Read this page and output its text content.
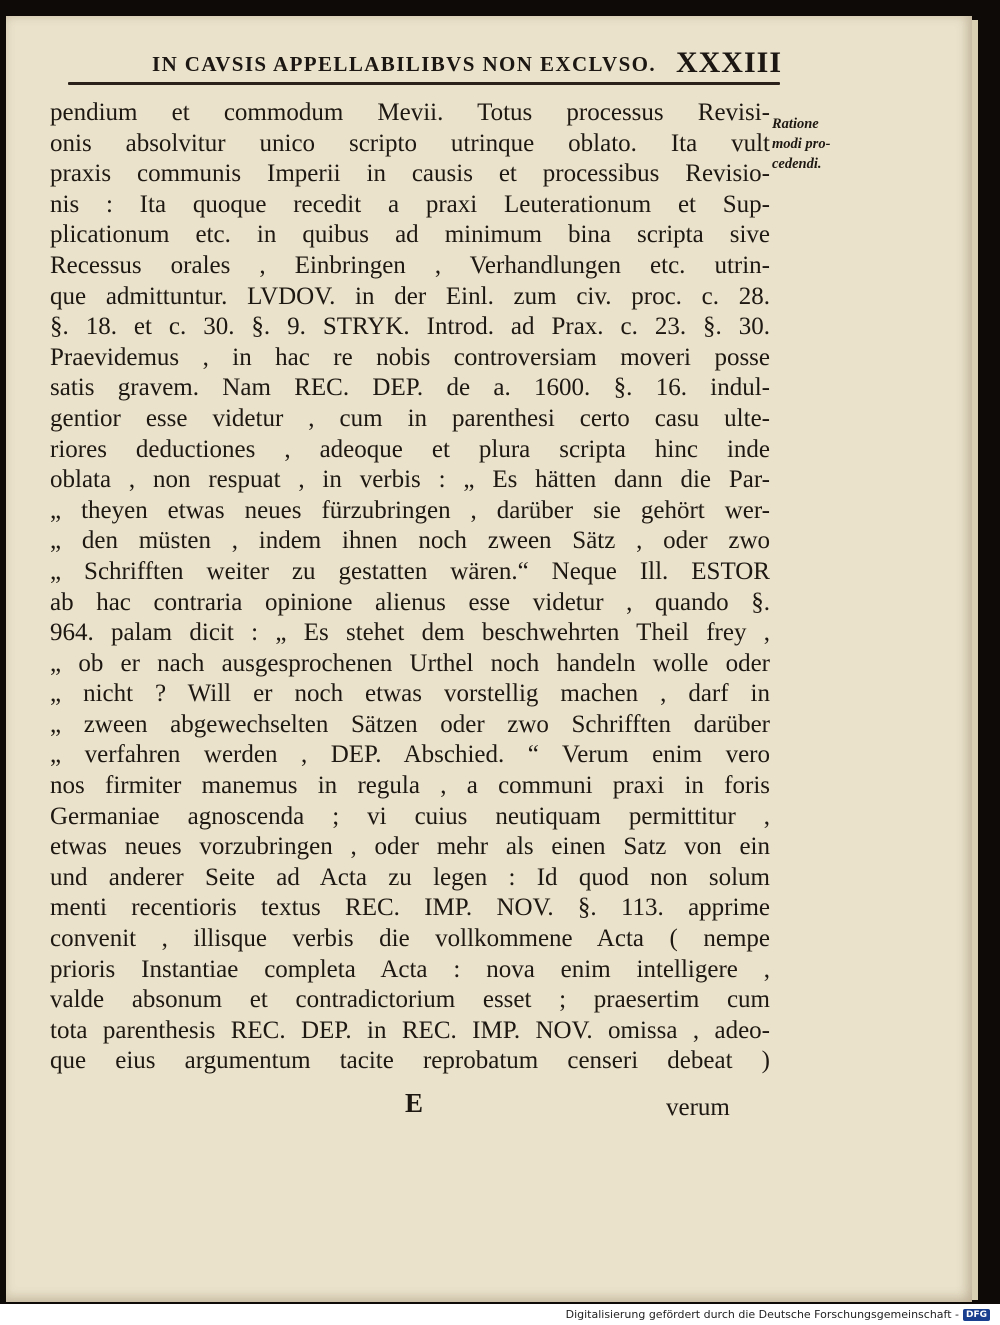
IN CAVSIS APPELLABILIBVS NON EXCLVSO. XXXIII
pendium et commodum Mevii. Totus processus Revisi-
onis absolvitur unico scripto utrinque oblato. Ita vult
praxis communis Imperii in causis et processibus Revisio-
nis : Ita quoque recedit a praxi Leuterationum et Sup-
plicationum etc. in quibus ad minimum bina scripta sive
Recessus orales , Einbringen , Verhandlungen etc. utrin-
que admittuntur. LVDOV. in der Einl. zum civ. proc. c. 28.
§. 18. et c. 30. §. 9. STRYK. Introd. ad Prax. c. 23. §. 30.
Praevidemus , in hac re nobis controversiam moveri posse
satis gravem. Nam REC. DEP. de a. 1600. §. 16. indul-
gentior esse videtur , cum in parenthesi certo casu ulte-
riores deductiones , adeoque et plura scripta hinc inde
oblata , non respuat , in verbis : „ Es hätten dann die Par-
„ theyen etwas neues fürzubringen , darüber sie gehört wer-
„ den müsten , indem ihnen noch zween Sätz , oder zwo
„ Schrifften weiter zu gestatten wären.“ Neque Ill. ESTOR
ab hac contraria opinione alienus esse videtur , quando §.
964. palam dicit : „ Es stehet dem beschwehrten Theil frey ,
„ ob er nach ausgesprochenen Urthel noch handeln wolle oder
„ nicht ? Will er noch etwas vorstellig machen , darf in
„ zween abgewechselten Sätzen oder zwo Schrifften darüber
„ verfahren werden , DEP. Abschied. “ Verum enim vero
nos firmiter manemus in regula , a communi praxi in foris
Germaniae agnoscenda ; vi cuius neutiquam permittitur ,
etwas neues vorzubringen , oder mehr als einen Satz von ein
und anderer Seite ad Acta zu legen : Id quod non solum
menti recentioris textus REC. IMP. NOV. §. 113. apprime
convenit , illisque verbis die vollkommene Acta ( nempe
prioris Instantiae completa Acta : nova enim intelligere ,
valde absonum et contradictorium esset ; praesertim cum
tota parenthesis REC. DEP. in REC. IMP. NOV. omissa , adeo-
que eius argumentum tacite reprobatum censeri debeat )
Ratione
modi pro-
cedendi.
E	verum
Digitalisierung gefördert durch die Deutsche Forschungsgemeinschaft - DFG
